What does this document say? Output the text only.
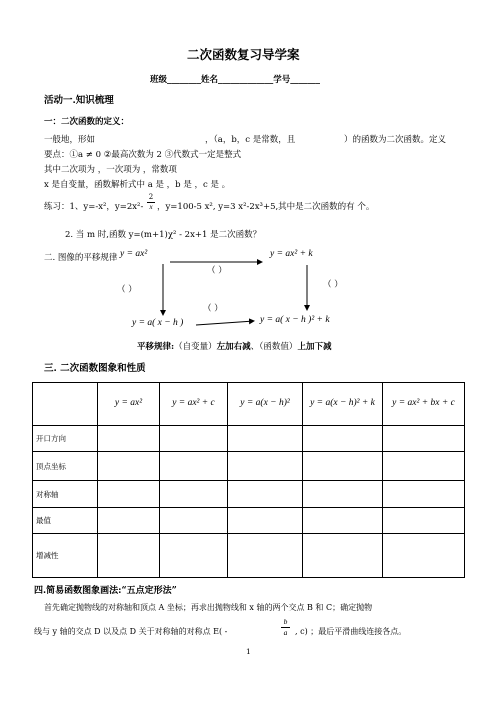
二次函数复习导学案
班级________姓名_____________学号_______
活动一.知识梳理
一：二次函数的定义：
一般地，形如	，（a，b，c 是常数，且	）的函数为二次函数。定义
要点：①a ≠ 0 ②最高次数为 2 ③代数式一定是整式
其中二次项为 ，一次项为 ，常数项
x 是自变量，函数解析式中 a 是 ，b 是 ，c 是 。
练习：1、y=-x²，$y=2x^2- \frac{2}{x}$ ，y=100-5 x², y=3 x²-2x³+5,其中是二次函数的有 个。
2. 当 m 时,函数 y=(m+1)χ² - 2x+1 是二次函数？
二. 图像的平移规律 y = ax²	y = ax² + k
y = a( x − h )	y = a( x − h )² + k
（ ）
（ ）	（ ）
（ ）
平移规律:（自变量）左加右减、（函数值）上加下减
三. 二次函数图象和性质
	y = ax²	y = ax² + c	y = a(x − h)²	y = a(x − h)² + k	y = ax² + bx + c
开口方向					
顶点坐标					
对称轴					
最值					
增减性					
四.简易函数图象画法:“五点定形法”
首先确定抛物线的对称轴和顶点 A 坐标；再求出抛物线和 x 轴的两个交点 B 和 C；确定抛物
线与 y 轴的交点 D 以及点 D 关于对称轴的对称点 E( -	$\frac{b}{a}$ , c) ；最后平滑曲线连接各点。
1
